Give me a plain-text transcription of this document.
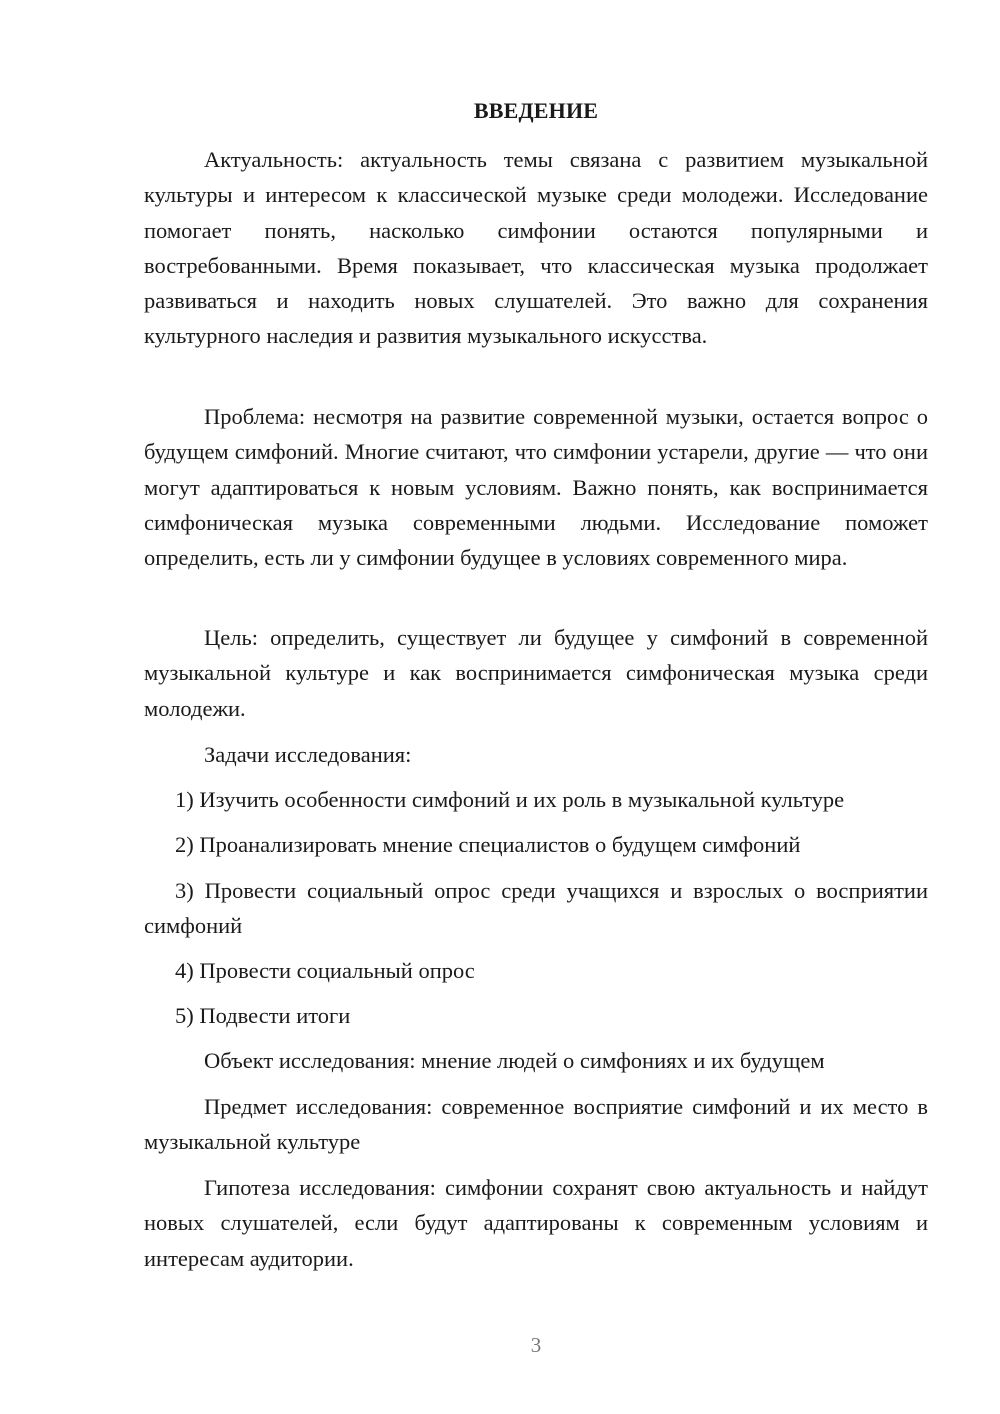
ВВЕДЕНИЕ

Актуальность: актуальность темы связана с развитием музыкальной культуры и интересом к классической музыке среди молодежи. Исследование помогает понять, насколько симфонии остаются популярными и востребованными. Время показывает, что классическая музыка продолжает развиваться и находить новых слушателей. Это важно для сохранения культурного наследия и развития музыкального искусства.

Проблема: несмотря на развитие современной музыки, остается вопрос о будущем симфоний. Многие считают, что симфонии устарели, другие — что они могут адаптироваться к новым условиям. Важно понять, как воспринимается симфоническая музыка современными людьми. Исследование поможет определить, есть ли у симфонии будущее в условиях современного мира.

Цель: определить, существует ли будущее у симфоний в современной музыкальной культуре и как воспринимается симфоническая музыка среди молодежи.

Задачи исследования:

1) Изучить особенности симфоний и их роль в музыкальной культуре

2) Проанализировать мнение специалистов о будущем симфоний

3) Провести социальный опрос среди учащихся и взрослых о восприятии симфоний

4) Провести социальный опрос

5) Подвести итоги

Объект исследования: мнение людей о симфониях и их будущем

Предмет исследования: современное восприятие симфоний и их место в музыкальной культуре

Гипотеза исследования: симфонии сохранят свою актуальность и найдут новых слушателей, если будут адаптированы к современным условиям и интересам аудитории.

3
